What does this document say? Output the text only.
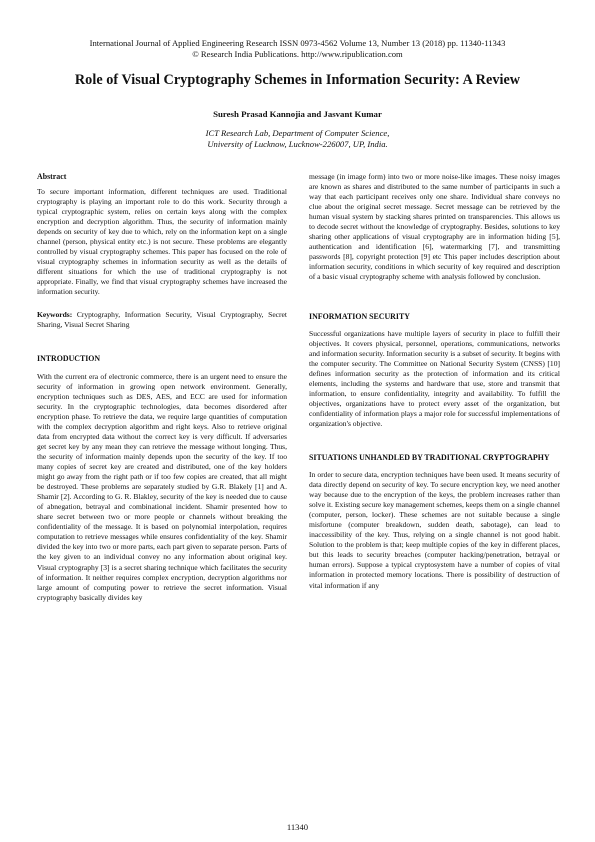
International Journal of Applied Engineering Research ISSN 0973-4562 Volume 13, Number 13 (2018) pp. 11340-11343
© Research India Publications. http://www.ripublication.com
Role of Visual Cryptography Schemes in Information Security: A Review
Suresh Prasad Kannojia and Jasvant Kumar
ICT Research Lab, Department of Computer Science,
University of Lucknow, Lucknow-226007, UP, India.
Abstract

To secure important information, different techniques are used. Traditional cryptography is playing an important role to do this work. Security through a typical cryptographic system, relies on certain keys along with the complex encryption and decryption algorithm. Thus, the security of information mainly depends on security of key due to which, rely on the information kept on a single channel (person, physical entity etc.) is not secure. These problems are elegantly controlled by visual cryptography schemes. This paper has focused on the role of visual cryptography schemes in information security as well as the details of different situations for which the use of traditional cryptography is not appropriate. Finally, we find that visual cryptography schemes have increased the information security.

Keywords: Cryptography, Information Security, Visual Cryptography, Secret Sharing, Visual Secret Sharing

INTRODUCTION

With the current era of electronic commerce, there is an urgent need to ensure the security of information in growing open network environment. Generally, encryption techniques such as DES, AES, and ECC are used for information security. In the cryptographic technologies, data becomes disordered after encryption phase. To retrieve the data, we require large quantities of computation with the complex decryption algorithm and right keys. Also to retrieve original data from encrypted data without the correct key is very difficult. If adversaries get secret key by any mean they can retrieve the message without longing. Thus, the security of information mainly depends upon the security of the key. If too many copies of secret key are created and distributed, one of the key holders might go away from the right path or if too few copies are created, that all might be destroyed. These problems are separately studied by G.R. Blakely [1] and A. Shamir [2]. According to G. R. Blakley, security of the key is needed due to cause of abnegation, betrayal and combinational incident. Shamir presented how to share secret between two or more people or channels without breaking the confidentiality of the message. It is based on polynomial interpolation, requires computation to retrieve messages while ensures confidentiality of the key. Shamir divided the key into two or more parts, each part given to separate person. Parts of the key given to an individual convey no any information about original key. Visual cryptography [3] is a secret sharing technique which facilitates the security of information. It neither requires complex encryption, decryption algorithms nor large amount of computing power to retrieve the secret information. Visual cryptography basically divides key

message (in image form) into two or more noise-like images. These noisy images are known as shares and distributed to the same number of participants in such a way that each participant receives only one share. Individual share conveys no clue about the original secret message. Secret message can be retrieved by the human visual system by stacking shares printed on transparencies. This allows us to decode secret without the knowledge of cryptography. Besides, solutions to key sharing other applications of visual cryptography are in information hiding [5], authentication and identification [6], watermarking [7], and transmitting passwords [8], copyright protection [9] etc This paper includes description about information security, conditions in which security of key required and description of a basic visual cryptography scheme with analysis followed by conclusion.

INFORMATION SECURITY

Successful organizations have multiple layers of security in place to fulfill their objectives. It covers physical, personnel, operations, communications, networks and information security. Information security is a subset of security. It begins with the computer security. The Committee on National Security System (CNSS) [10] defines information security as the protection of information and its critical elements, including the systems and hardware that use, store and transmit that information, to ensure confidentiality, integrity and availability. To fulfill the objectives, organizations have to protect every asset of the organization, but confidentiality of information plays a major role for successful implementations of organization's objective.

SITUATIONS UNHANDLED BY TRADITIONAL CRYPTOGRAPHY

In order to secure data, encryption techniques have been used. It means security of data directly depend on security of key. To secure encryption key, we need another way because due to the encryption of the keys, the problem increases rather than solve it. Existing secure key management schemes, keeps them on a single channel (computer, person, locker). These schemes are not suitable because a single misfortune (computer breakdown, sudden death, sabotage), can lead to inaccessibility of the key. Thus, relying on a single channel is not good habit. Solution to the problem is that; keep multiple copies of the key in different places, but this leads to security breaches (computer hacking/penetration, betrayal or human errors). Suppose a typical cryptosystem have a number of copies of vital information in protected memory locations. There is possibility of destruction of vital information if any

11340
